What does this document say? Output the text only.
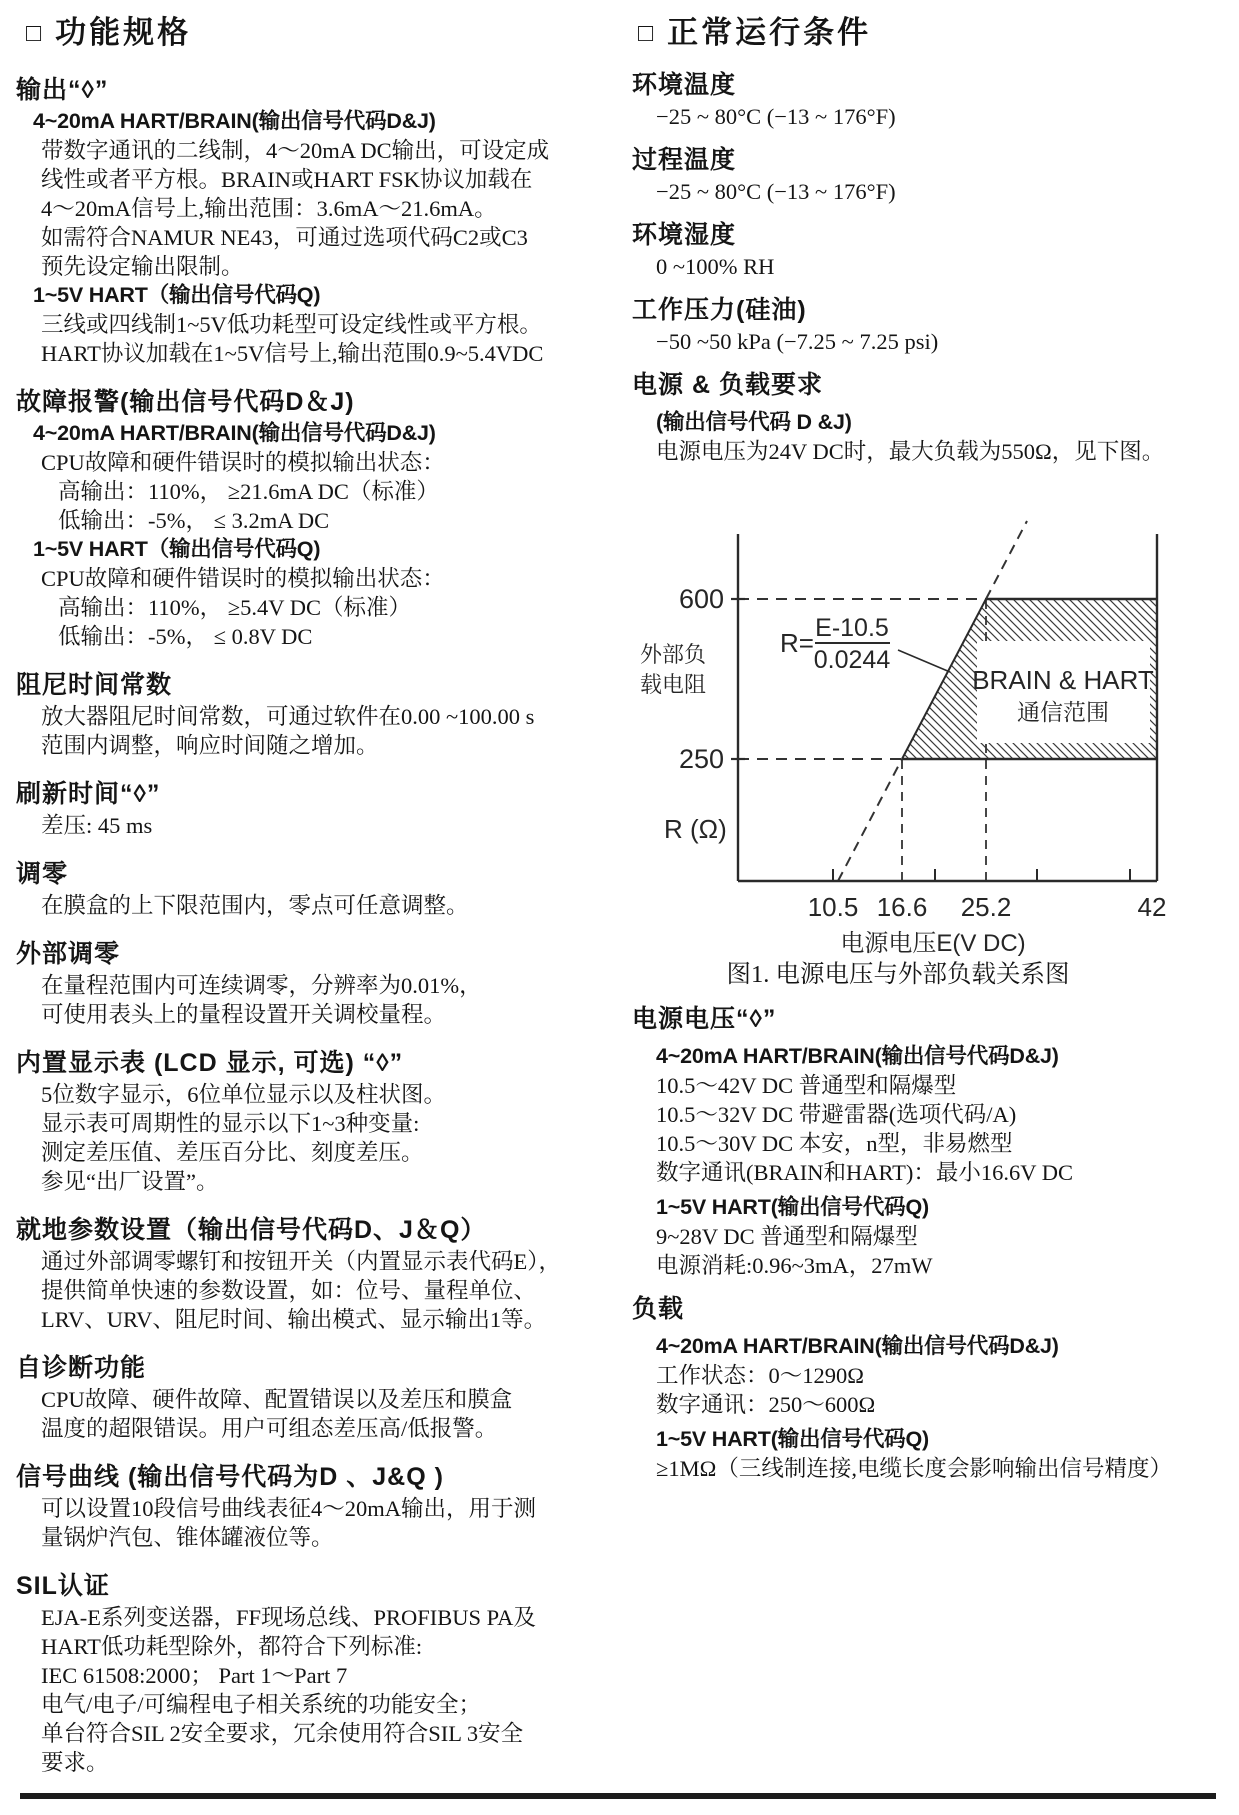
□ 功能规格
输出“◊”
4~20mA HART/BRAIN(输出信号代码D&J)
带数字通讯的二线制，4～20mA DC输出，可设定成
线性或者平方根。BRAIN或HART FSK协议加载在
4～20mA信号上,输出范围：3.6mA～21.6mA。
如需符合NAMUR NE43，可通过选项代码C2或C3
预先设定输出限制。
1~5V HART（输出信号代码Q)
三线或四线制1~5V低功耗型可设定线性或平方根。
HART协议加载在1~5V信号上,输出范围0.9~5.4VDC
故障报警(输出信号代码D＆J)
4~20mA HART/BRAIN(输出信号代码D&J)
CPU故障和硬件错误时的模拟输出状态：
高输出：110%， ≥21.6mA DC（标准）
低输出：-5%， ≤ 3.2mA DC
1~5V HART（输出信号代码Q)
CPU故障和硬件错误时的模拟输出状态：
高输出：110%， ≥5.4V DC（标准）
低输出：-5%， ≤ 0.8V DC
阻尼时间常数
放大器阻尼时间常数，可通过软件在0.00 ~100.00 s
范围内调整，响应时间随之增加。
刷新时间“◊”
差压: 45 ms
调零
在膜盒的上下限范围内，零点可任意调整。
外部调零
在量程范围内可连续调零，分辨率为0.01%，
可使用表头上的量程设置开关调校量程。
内置显示表 (LCD 显示, 可选) “◊”
5位数字显示，6位单位显示以及柱状图。
显示表可周期性的显示以下1~3种变量:
测定差压值、差压百分比、刻度差压。
参见“出厂设置”。
就地参数设置（输出信号代码D、J＆Q）
通过外部调零螺钉和按钮开关（内置显示表代码E），
提供简单快速的参数设置，如：位号、量程单位、
LRV、URV、阻尼时间、输出模式、显示输出1等。
自诊断功能
CPU故障、硬件故障、配置错误以及差压和膜盒
温度的超限错误。用户可组态差压高/低报警。
信号曲线 (输出信号代码为D 、J&Q )
可以设置10段信号曲线表征4～20mA输出，用于测
量锅炉汽包、锥体罐液位等。
SIL认证
EJA-E系列变送器，FF现场总线、PROFIBUS PA及
HART低功耗型除外，都符合下列标准:
IEC 61508:2000； Part 1～Part 7
电气/电子/可编程电子相关系统的功能安全；
单台符合SIL 2安全要求，冗余使用符合SIL 3安全
要求。
□ 正常运行条件
环境温度
−25 ~ 80°C (−13 ~ 176°F)
过程温度
−25 ~ 80°C (−13 ~ 176°F)
环境湿度
0 ~100% RH
工作压力(硅油)
−50 ~50 kPa (−7.25 ~ 7.25 psi)
电源 & 负载要求
(输出信号代码 D &J)
电源电压为24V DC时，最大负载为550Ω，见下图。
BRAIN & HART
通信范围
600
250
外部负
载电阻
R (Ω)
R= E-10.5
0.0244
10.5 16.6 25.2	42
电源电压E(V DC)
图1. 电源电压与外部负载关系图
电源电压“◊”
4~20mA HART/BRAIN(输出信号代码D&J)
10.5～42V DC 普通型和隔爆型
10.5～32V DC 带避雷器(选项代码/A)
10.5～30V DC 本安，n型，非易燃型
数字通讯(BRAIN和HART)：最小16.6V DC
1~5V HART(输出信号代码Q)
9~28V DC 普通型和隔爆型
电源消耗:0.96~3mA，27mW
负载
4~20mA HART/BRAIN(输出信号代码D&J)
工作状态：0～1290Ω
数字通讯：250～600Ω
1~5V HART(输出信号代码Q)
≥1MΩ（三线制连接,电缆长度会影响输出信号精度）
